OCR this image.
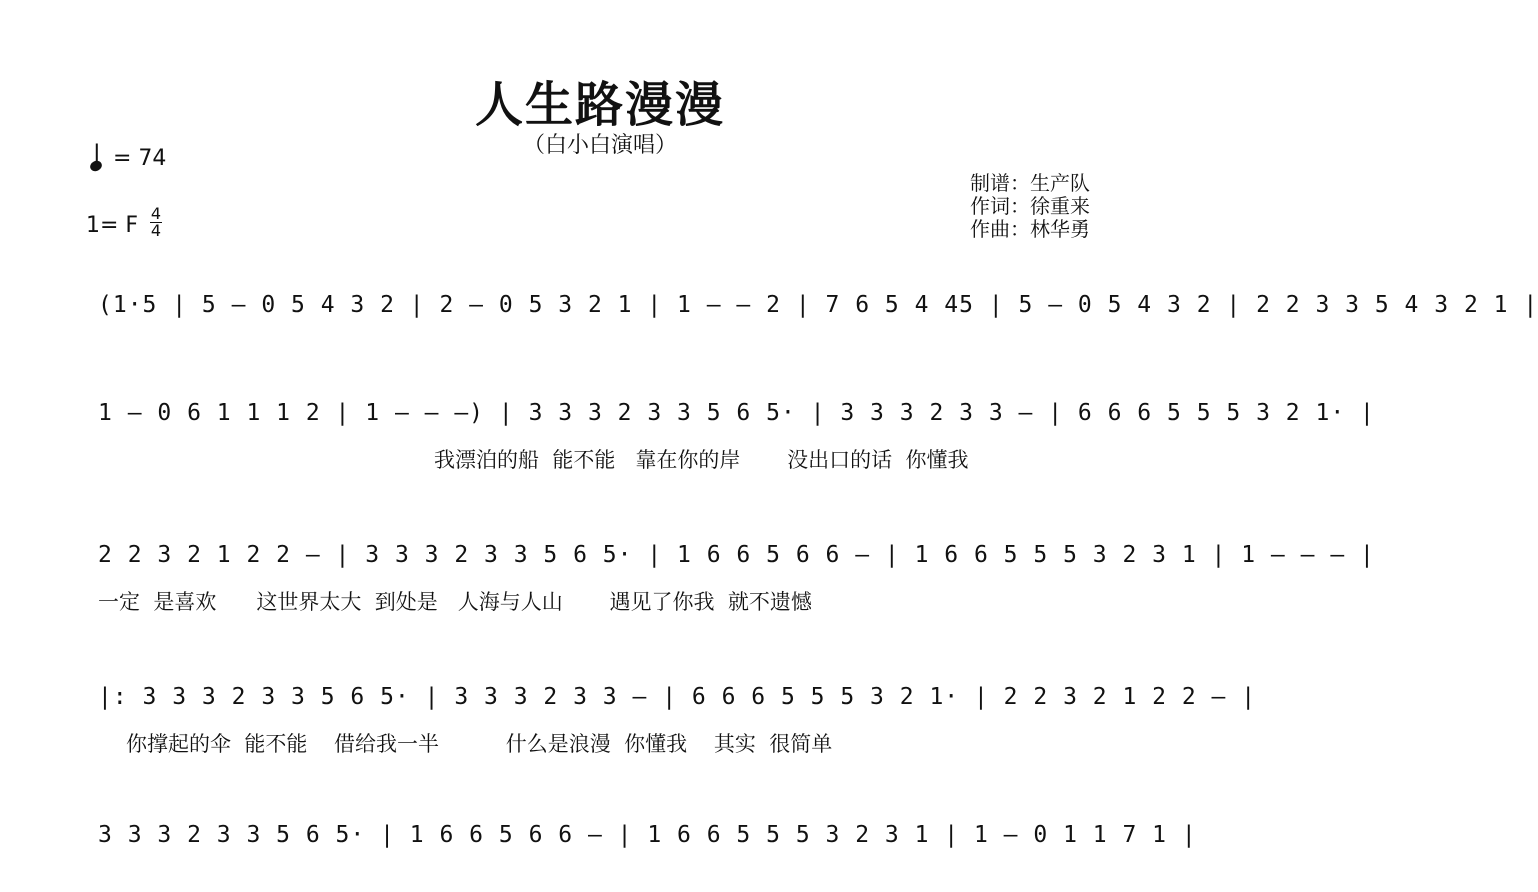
人生路漫漫
（白小白演唱）
= 74
1= F 4
4
制谱：生产队
作词：徐重来
作曲：林华勇
(1·5 | 5 – 0 5 4 3 2 | 2 – 0 5 3 2 1 | 1 – – 2 | 7 6 5 4 45 | 5 – 0 5 4 3 2 | 2 2 3 3 5 4 3 2 1 |
1 – 0 6 1 1 1 2 | 1 – – –) | 3 3 3 2 3 3 5 6 5· | 3 3 3 2 3 3 – | 6 6 6 5 5 5 3 2 1· |
我漂泊的船  能不能   靠在你的岸       没出口的话  你懂我
2 2 3 2 1 2 2 – | 3 3 3 2 3 3 5 6 5· | 1 6 6 5 6 6 – | 1 6 6 5 5 5 3 2 3 1 | 1 – – – |
一定  是喜欢      这世界太大  到处是   人海与人山       遇见了你我  就不遗憾
|: 3 3 3 2 3 3 5 6 5· | 3 3 3 2 3 3 – | 6 6 6 5 5 5 3 2 1· | 2 2 3 2 1 2 2 – |
你撑起的伞  能不能    借给我一半          什么是浪漫  你懂我    其实  很简单
3 3 3 2 3 3 5 6 5· | 1 6 6 5 6 6 – | 1 6 6 5 5 5 3 2 3 1 | 1 – 0 1 1 7 1 |
